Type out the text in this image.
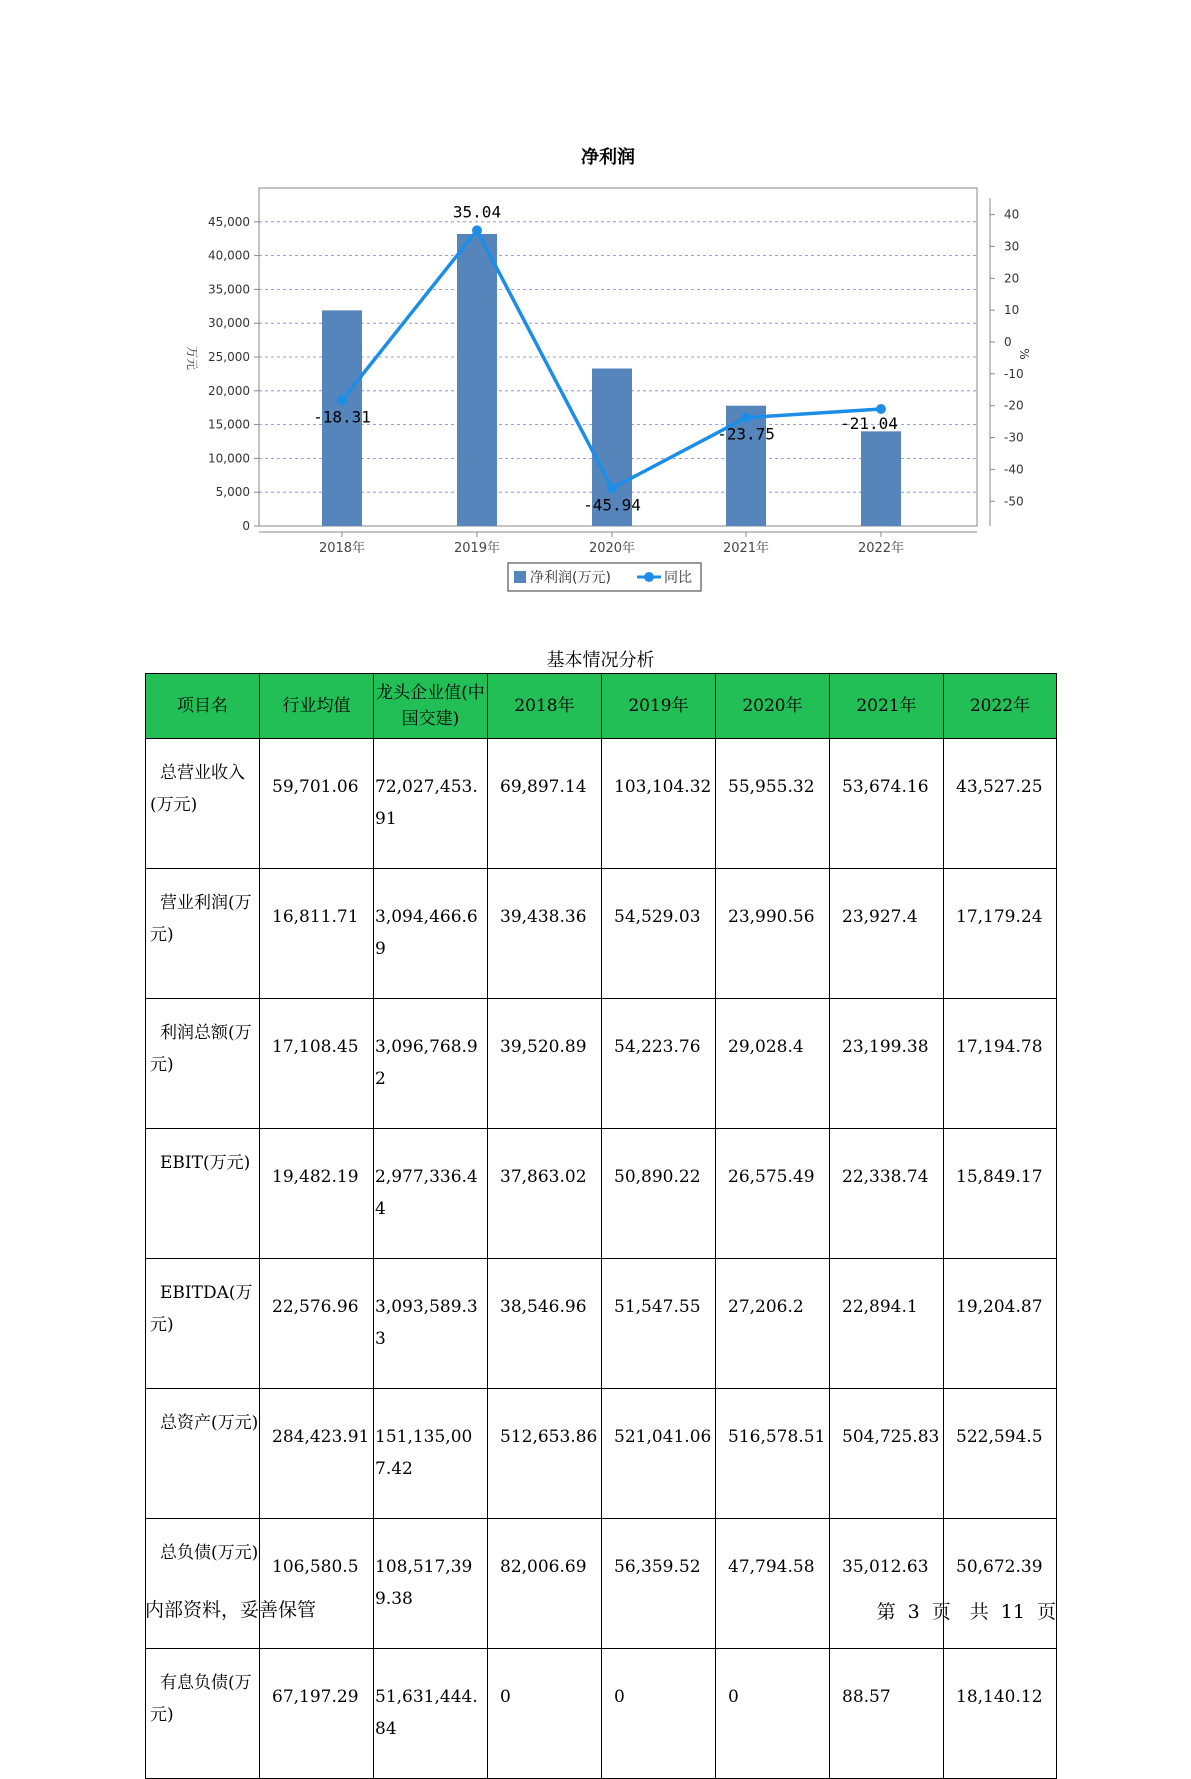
净利润
0
5,000
10,000
15,000
20,000
25,000
30,000
35,000
40,000
45,000
万元
-50
-40
-30
-20
-10
0
10
20
30
40
%
2018年	2019年	2020年	2021年	2022年
-18.31
35.04
-45.94
-23.75
-21.04
净利润(万元)	同比
基本情况分析
项目名	行业均值	龙头企业值(中国交建)	2018年	2019年	2020年	2021年	2022年
总营业收入(万元)	59,701.06	72,027,453.91	69,897.14	103,104.32	55,955.32	53,674.16	43,527.25
营业利润(万元)	16,811.71	3,094,466.69	39,438.36	54,529.03	23,990.56	23,927.4	17,179.24
利润总额(万元)	17,108.45	3,096,768.92	39,520.89	54,223.76	29,028.4	23,199.38	17,194.78
EBIT(万元)	19,482.19	2,977,336.44	37,863.02	50,890.22	26,575.49	22,338.74	15,849.17
EBITDA(万元)	22,576.96	3,093,589.33	38,546.96	51,547.55	27,206.2	22,894.1	19,204.87
总资产(万元)	284,423.91	151,135,007.42	512,653.86	521,041.06	516,578.51	504,725.83	522,594.5
总负债(万元)	106,580.5	108,517,399.38	82,006.69	56,359.52	47,794.58	35,012.63	50,672.39
有息负债(万元)	67,197.29	51,631,444.84	0	0	0	88.57	18,140.12
内部资料，妥善保管	第 3 页　共 11 页
